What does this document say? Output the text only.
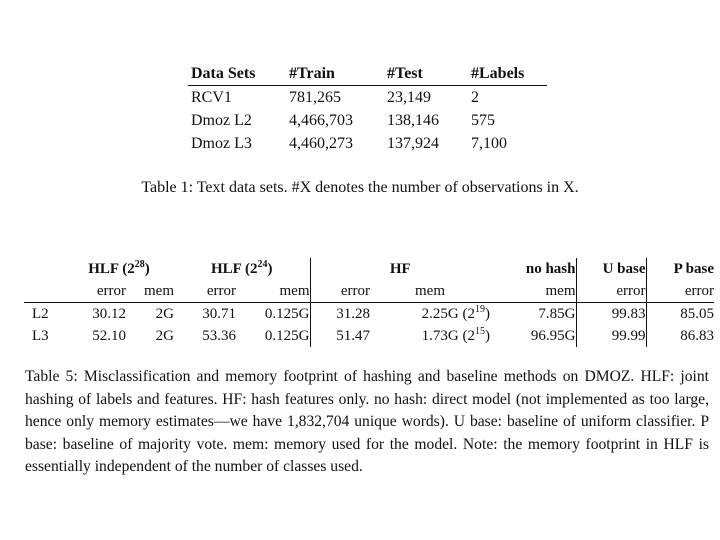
Data Sets	#Train	#Test	#Labels
RCV1	781,265	23,149	2
Dmoz L2	4,466,703	138,146	575
Dmoz L3	4,460,273	137,924	7,100
Table 1: Text data sets. #X denotes the number of observations in X.
	HLF $(2^{28})$		HLF $(2^{24})$		HF		no hash	U base	P base
	error	mem	error	mem	error	mem	mem	error	error
L2	30.12	2G	30.71	0.125G	31.28	2.25G $(2^{19})$	7.85G	99.83	85.05
L3	52.10	2G	53.36	0.125G	51.47	1.73G $(2^{15})$	96.95G	99.99	86.83
Table 5: Misclassification and memory footprint of hashing and baseline methods on DMOZ. HLF: joint hashing of labels and features. HF: hash features only. no hash: direct model (not implemented as too large, hence only memory estimates—we have 1,832,704 unique words). U base: baseline of uniform classifier. P base: baseline of majority vote. mem: memory used for the model. Note: the memory footprint in HLF is essentially independent of the number of classes used.
